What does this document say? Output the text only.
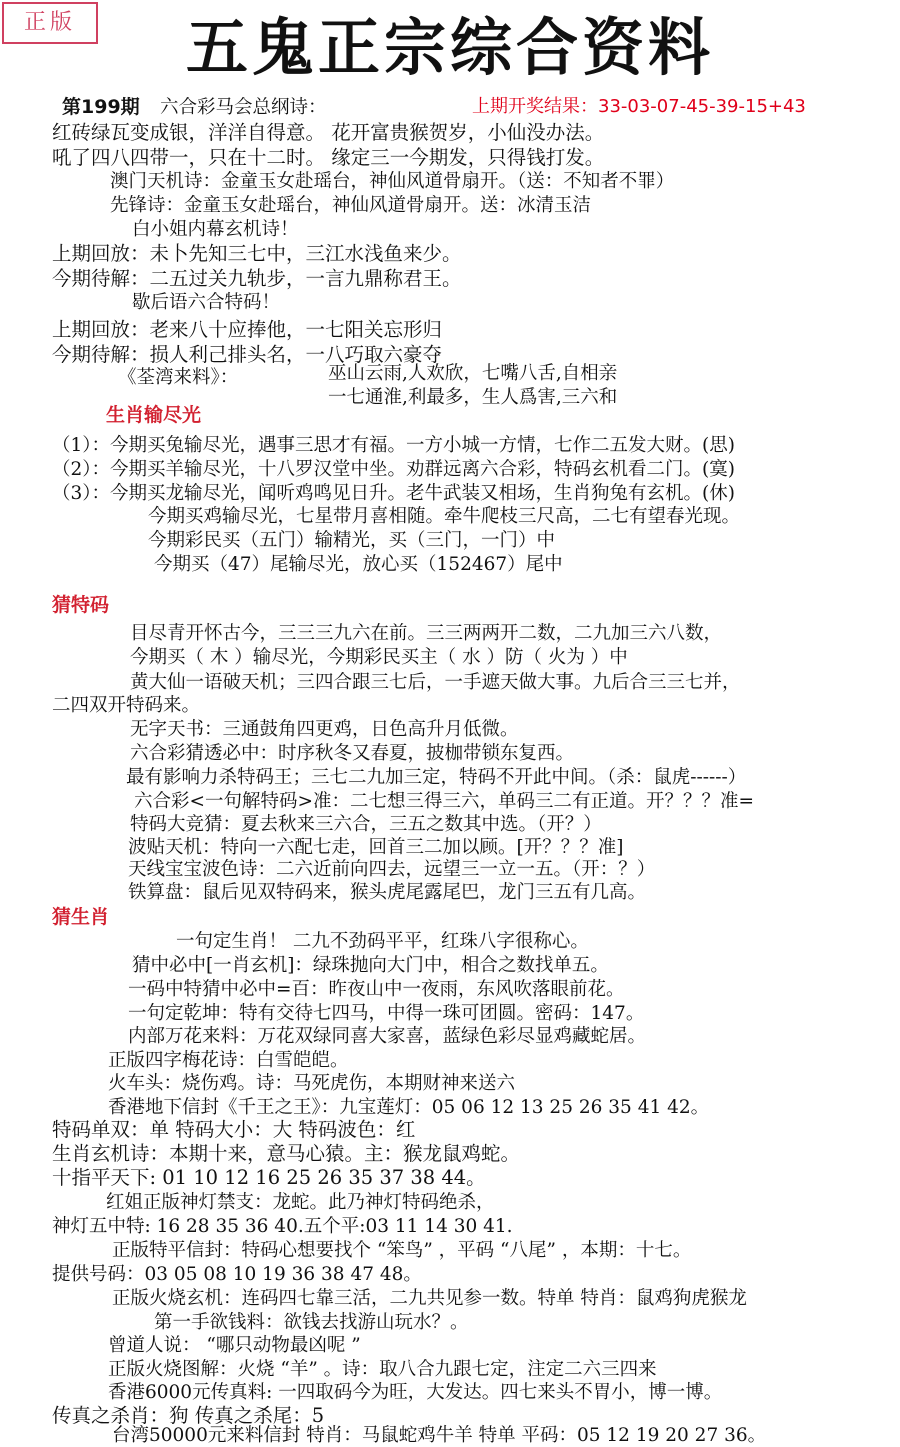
正版	五鬼正宗综合资料
第199期	上期开奖结果：33-03-07-45-39-15+43
六合彩马会总纲诗：
红砖绿瓦变成银，洋洋自得意。 花开富贵猴贺岁，小仙没办法。
吼了四八四带一，只在十二时。 缘定三一今期发，只得钱打发。
澳门天机诗：金童玉女赴瑶台，神仙风道骨扇开。（送：不知者不罪）
先锋诗：金童玉女赴瑶台，神仙风道骨扇开。送：冰清玉洁
白小姐内幕玄机诗！
上期回放：未卜先知三七中，三江水浅鱼来少。
今期待解：二五过关九轨步，一言九鼎称君王。
歇后语六合特码！
上期回放：老来八十应捧他，一七阳关忘形归
今期待解：损人利己排头名，一八巧取六豪夺
《荃湾来料》：	巫山云雨,人欢欣，七嘴八舌,自相亲
一七通淮,利最多，生人爲害,三六和
生肖输尽光
（1）：今期买兔输尽光，遇事三思才有福。一方小城一方情，七作二五发大财。(思)
（2）：今期买羊输尽光，十八罗汉堂中坐。劝群远离六合彩，特码玄机看二门。(寞)
（3）：今期买龙输尽光，闻听鸡鸣见日升。老牛武装又相场，生肖狗兔有玄机。(休)
今期买鸡输尽光，七星带月喜相随。牵牛爬枝三尺高，二七有望春光现。
今期彩民买（五门）输精光，买（三门，一门）中
今期买（47）尾输尽光，放心买（152467）尾中
猜特码
目尽青开怀古今，三三三九六在前。三三两两开二数，二九加三六八数，
今期买（ 木 ）输尽光，今期彩民买主（ 水 ）防（ 火为 ）中
黄大仙一语破天机；三四合跟三七后，一手遮天做大事。九后合三三七并，
二四双开特码来。
无字天书：三通鼓角四更鸡，日色高升月低微。
六合彩猜透必中：时序秋冬又春夏，披枷带锁东复西。
最有影响力杀特码王；三七二九加三定，特码不开此中间。（杀：鼠虎------）
六合彩<一句解特码>准：二七想三得三六，单码三二有正道。开？？？准=
特码大竞猜：夏去秋来三六合，三五之数其中选。（开？）
波贴天机：特向一六配七走，回首三二加以顾。[开？？？准]
天线宝宝波色诗：二六近前向四去，远望三一立一五。（开：？）
铁算盘：鼠后见双特码来，猴头虎尾露尾巴，龙门三五有几高。
猜生肖
一句定生肖！ 二九不劲码平平，红珠八字很称心。
猜中必中[一肖玄机]：绿珠抛向大门中，相合之数找单五。
一码中特猜中必中=百：昨夜山中一夜雨，东风吹落眼前花。
一句定乾坤：特有交待七四马，中得一珠可团圆。密码：147。
内部万花来料：万花双绿同喜大家喜，蓝绿色彩尽显鸡藏蛇居。
正版四字梅花诗：白雪皑皑。
火车头：烧伤鸡。诗：马死虎伤，本期财神来送六
香港地下信封《千王之王》：九宝莲灯：05 06 12 13 25 26 35 41 42。
特码单双：单 特码大小：大 特码波色：红
生肖玄机诗：本期十来，意马心猿。主：猴龙鼠鸡蛇。
十指平天下: 01 10 12 16 25 26 35 37 38 44。
红姐正版神灯禁支：龙蛇。此乃神灯特码绝杀，
神灯五中特: 16 28 35 36 40.五个平:03 11 14 30 41.
正版特平信封：特码心想要找个 “笨鸟” ，平码 “八尾” ，本期：十七。
提供号码：03 05 08 10 19 36 38 47 48。
正版火烧玄机：连码四七靠三活，二九共见参一数。特单 特肖：鼠鸡狗虎猴龙
第一手欲钱料：欲钱去找游山玩水？。
曾道人说： “哪只动物最凶呢 ”
正版火烧图解：火烧 “羊” 。诗：取八合九跟七定，注定二六三四来
香港6000元传真料: 一四取码今为旺，大发达。四七来头不胃小，博一博。
传真之杀肖：狗 传真之杀尾：5
台湾50000元来料信封 特肖：马鼠蛇鸡牛羊 特单 平码：05 12 19 20 27 36。
